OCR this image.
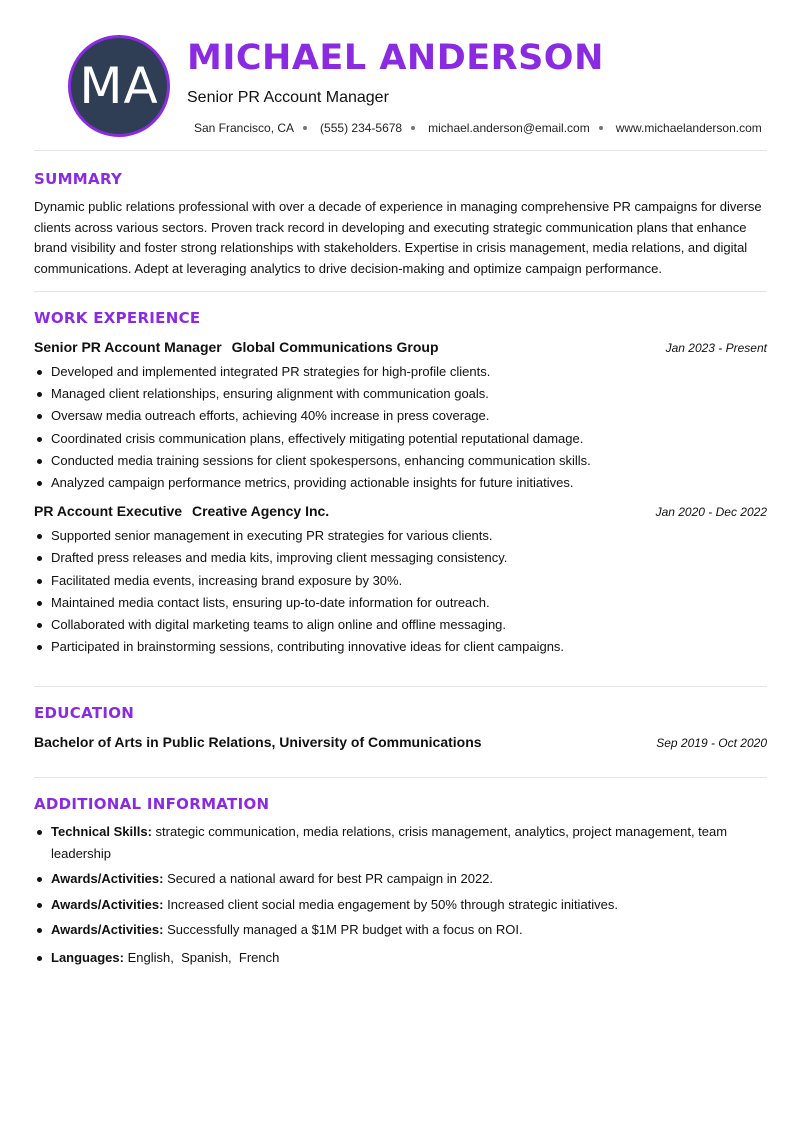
MA MICHAEL ANDERSON
Senior PR Account Manager
San Francisco, CA (555) 234-5678 michael.anderson@email.com www.michaelanderson.com
SUMMARY

Dynamic public relations professional with over a decade of experience in managing comprehensive PR campaigns for diverse clients across various sectors. Proven track record in developing and executing strategic communication plans that enhance brand visibility and foster strong relationships with stakeholders. Expertise in crisis management, media relations, and digital communications. Adept at leveraging analytics to drive decision-making and optimize campaign performance.

WORK EXPERIENCE
Senior PR Account Manager Global Communications Group	Jan 2023 - Present
Developed and implemented integrated PR strategies for high-profile clients.
Managed client relationships, ensuring alignment with communication goals.
Oversaw media outreach efforts, achieving 40% increase in press coverage.
Coordinated crisis communication plans, effectively mitigating potential reputational damage.
Conducted media training sessions for client spokespersons, enhancing communication skills.
Analyzed campaign performance metrics, providing actionable insights for future initiatives.
PR Account Executive Creative Agency Inc.	Jan 2020 - Dec 2022
Supported senior management in executing PR strategies for various clients.
Drafted press releases and media kits, improving client messaging consistency.
Facilitated media events, increasing brand exposure by 30%.
Maintained media contact lists, ensuring up-to-date information for outreach.
Collaborated with digital marketing teams to align online and offline messaging.
Participated in brainstorming sessions, contributing innovative ideas for client campaigns.
EDUCATION
Bachelor of Arts in Public Relations, University of Communications	Sep 2019 - Oct 2020
ADDITIONAL INFORMATION
Technical Skills: strategic communication, media relations, crisis management, analytics, project management, team leadership
Awards/Activities: Secured a national award for best PR campaign in 2022.
Awards/Activities: Increased client social media engagement by 50% through strategic initiatives.
Awards/Activities: Successfully managed a $1M PR budget with a focus on ROI.
Languages: English,  Spanish,  French
